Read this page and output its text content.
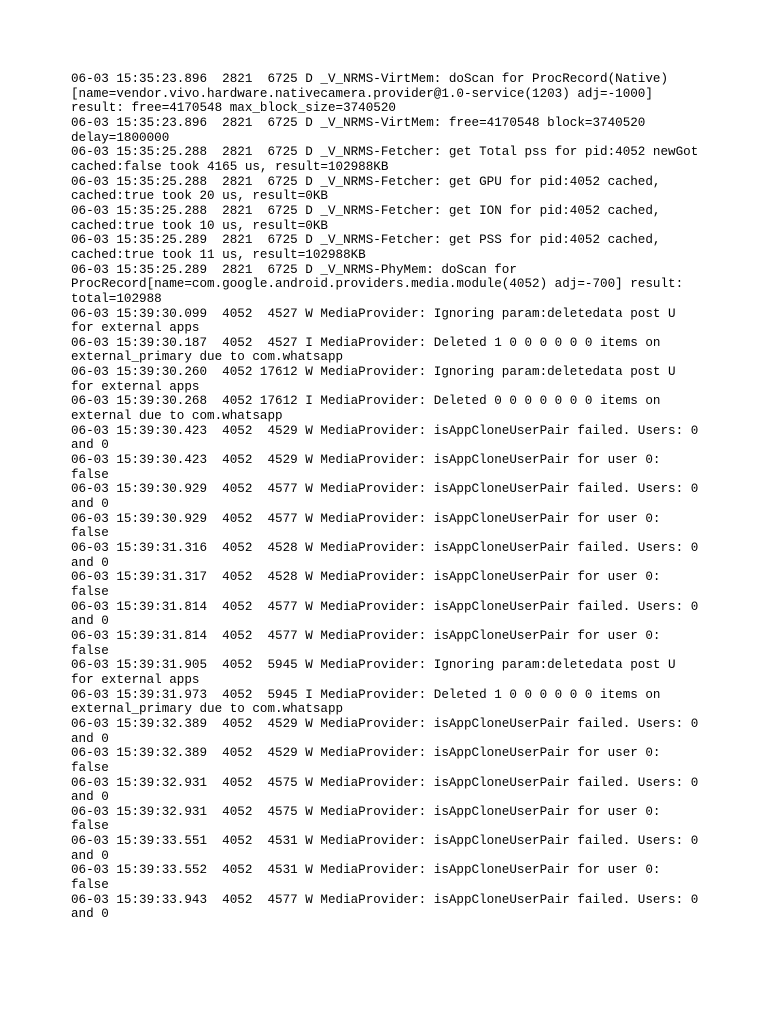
06-03 15:35:23.896  2821  6725 D _V_NRMS-VirtMem: doScan for ProcRecord(Native)
[name=vendor.vivo.hardware.nativecamera.provider@1.0-service(1203) adj=-1000]
result: free=4170548 max_block_size=3740520
06-03 15:35:23.896  2821  6725 D _V_NRMS-VirtMem: free=4170548 block=3740520
delay=1800000
06-03 15:35:25.288  2821  6725 D _V_NRMS-Fetcher: get Total pss for pid:4052 newGot
cached:false took 4165 us, result=102988KB
06-03 15:35:25.288  2821  6725 D _V_NRMS-Fetcher: get GPU for pid:4052 cached,
cached:true took 20 us, result=0KB
06-03 15:35:25.288  2821  6725 D _V_NRMS-Fetcher: get ION for pid:4052 cached,
cached:true took 10 us, result=0KB
06-03 15:35:25.289  2821  6725 D _V_NRMS-Fetcher: get PSS for pid:4052 cached,
cached:true took 11 us, result=102988KB
06-03 15:35:25.289  2821  6725 D _V_NRMS-PhyMem: doScan for
ProcRecord[name=com.google.android.providers.media.module(4052) adj=-700] result:
total=102988
06-03 15:39:30.099  4052  4527 W MediaProvider: Ignoring param:deletedata post U
for external apps
06-03 15:39:30.187  4052  4527 I MediaProvider: Deleted 1 0 0 0 0 0 0 items on
external_primary due to com.whatsapp
06-03 15:39:30.260  4052 17612 W MediaProvider: Ignoring param:deletedata post U
for external apps
06-03 15:39:30.268  4052 17612 I MediaProvider: Deleted 0 0 0 0 0 0 0 items on
external due to com.whatsapp
06-03 15:39:30.423  4052  4529 W MediaProvider: isAppCloneUserPair failed. Users: 0
and 0
06-03 15:39:30.423  4052  4529 W MediaProvider: isAppCloneUserPair for user 0:
false
06-03 15:39:30.929  4052  4577 W MediaProvider: isAppCloneUserPair failed. Users: 0
and 0
06-03 15:39:30.929  4052  4577 W MediaProvider: isAppCloneUserPair for user 0:
false
06-03 15:39:31.316  4052  4528 W MediaProvider: isAppCloneUserPair failed. Users: 0
and 0
06-03 15:39:31.317  4052  4528 W MediaProvider: isAppCloneUserPair for user 0:
false
06-03 15:39:31.814  4052  4577 W MediaProvider: isAppCloneUserPair failed. Users: 0
and 0
06-03 15:39:31.814  4052  4577 W MediaProvider: isAppCloneUserPair for user 0:
false
06-03 15:39:31.905  4052  5945 W MediaProvider: Ignoring param:deletedata post U
for external apps
06-03 15:39:31.973  4052  5945 I MediaProvider: Deleted 1 0 0 0 0 0 0 items on
external_primary due to com.whatsapp
06-03 15:39:32.389  4052  4529 W MediaProvider: isAppCloneUserPair failed. Users: 0
and 0
06-03 15:39:32.389  4052  4529 W MediaProvider: isAppCloneUserPair for user 0:
false
06-03 15:39:32.931  4052  4575 W MediaProvider: isAppCloneUserPair failed. Users: 0
and 0
06-03 15:39:32.931  4052  4575 W MediaProvider: isAppCloneUserPair for user 0:
false
06-03 15:39:33.551  4052  4531 W MediaProvider: isAppCloneUserPair failed. Users: 0
and 0
06-03 15:39:33.552  4052  4531 W MediaProvider: isAppCloneUserPair for user 0:
false
06-03 15:39:33.943  4052  4577 W MediaProvider: isAppCloneUserPair failed. Users: 0
and 0
